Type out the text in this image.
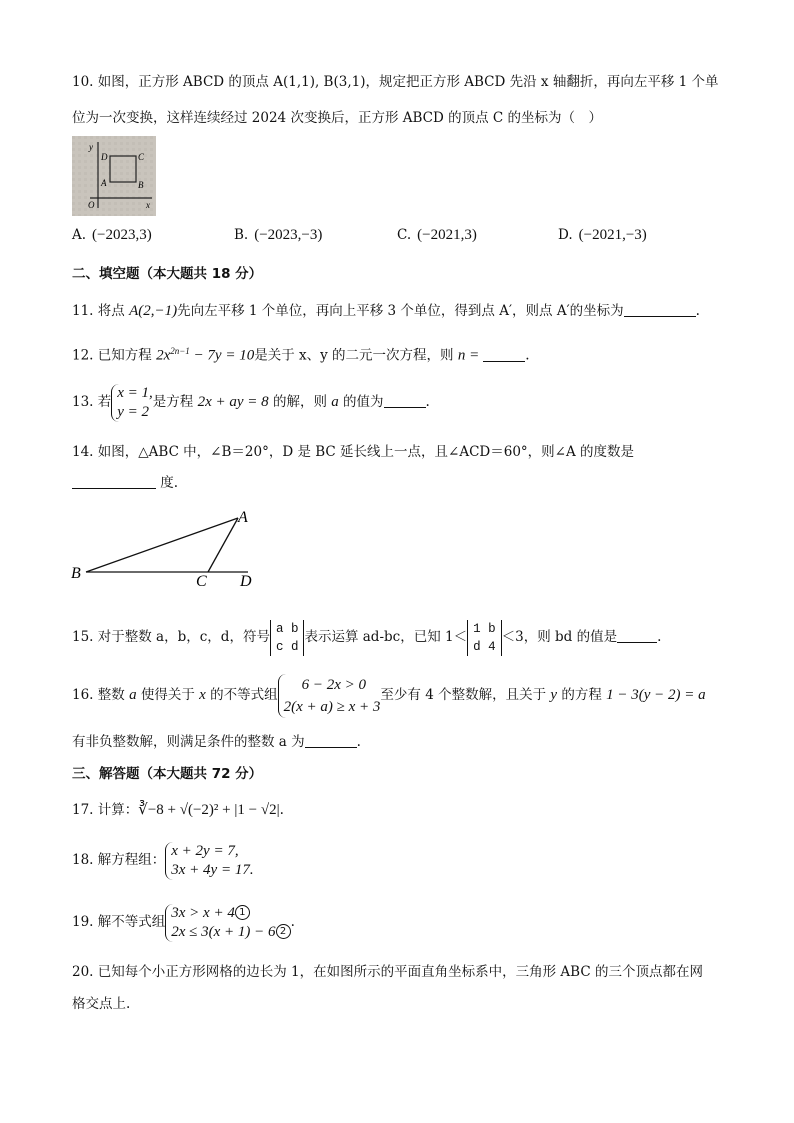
10. 如图，正方形 ABCD 的顶点 A(1,1), B(3,1)，规定把正方形 ABCD 先沿 x 轴翻折，再向左平移 1 个单
位为一次变换，这样连续经过 2024 次变换后，正方形 ABCD 的顶点 C 的坐标为（　）
y
x
O
A	B
C
D
A. (−2023,3)	B. (−2023,−3)	C. (−2021,3)	D. (−2021,−3)
二、填空题（本大题共 18 分）
11. 将点 A(2,−1)先向左平移 1 个单位，再向上平移 3 个单位，得到点 A′，则点 A′的坐标为	.
12. 已知方程 $2x^{2n-1} - 7y = 10$是关于 x、y 的二元一次方程，则 n =	.
13. 若x = 1,
y = 2是方程 2x + ay = 8 的解，则 a 的值为	.
14. 如图，△ABC 中，∠B＝20°，D 是 BC 延长线上一点，且∠ACD＝60°，则∠A 的度数是
度.
A
B	C D
15. 对于整数 a，b，c，d，符号a b
c d表示运算 ad-bc，已知 1＜1 b
d 4＜3，则 bd 的值是	.
16. 整数 a 使得关于 x 的不等式组6 − 2x > 0
2(x + a) ≥ x + 3至少有 4 个整数解，且关于 y 的方程 1 − 3(y − 2) = a
有非负整数解，则满足条件的整数 a 为	.
三、解答题（本大题共 72 分）
17. 计算：∛−8 + √(−2)² + |1 − √2|.
18. 解方程组：x + 2y = 7,
3x + 4y = 17.
19. 解不等式组3x > x + 4 1
2x ≤ 3(x + 1) − 6 2.
20. 已知每个小正方形网格的边长为 1，在如图所示的平面直角坐标系中，三角形 ABC 的三个顶点都在网
格交点上.
